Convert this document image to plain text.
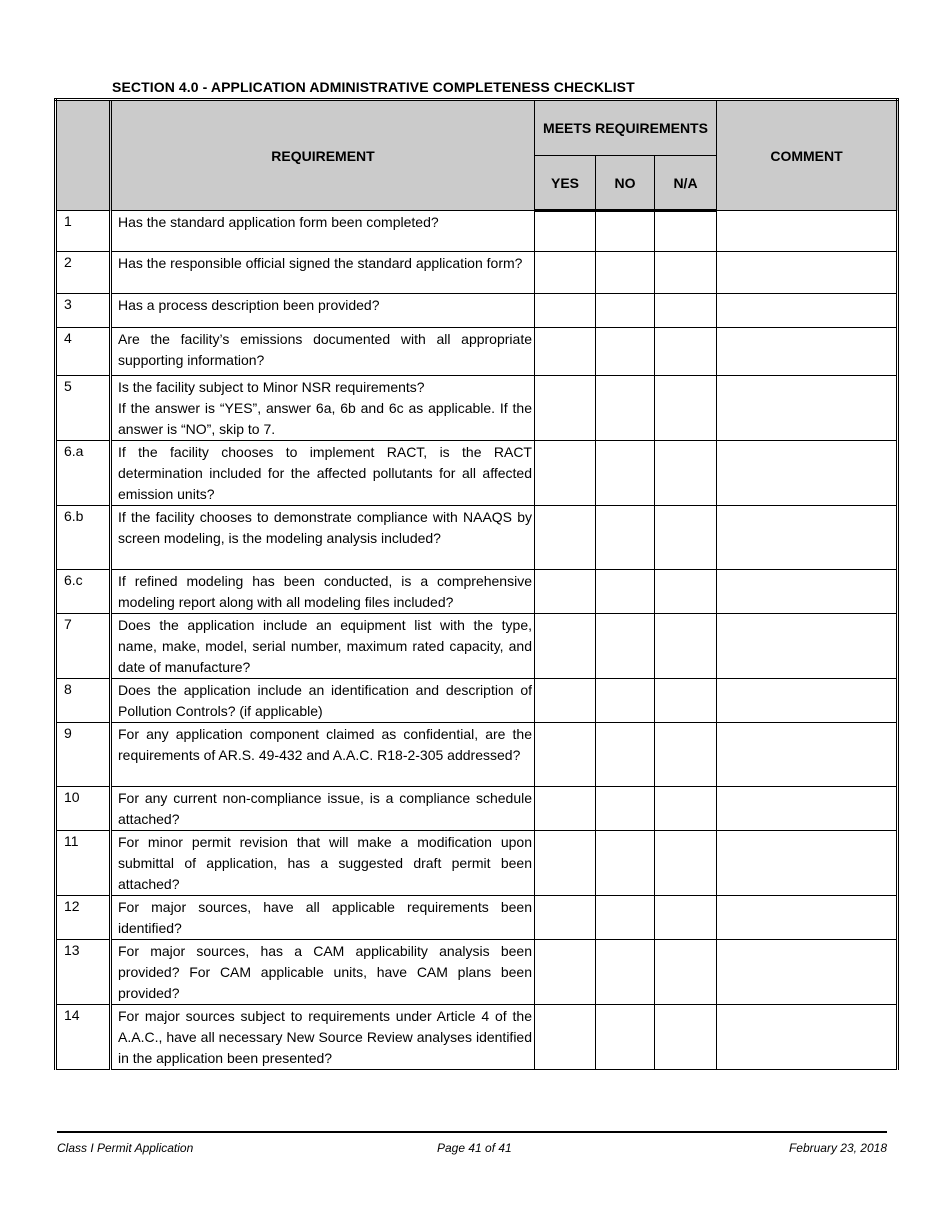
SECTION 4.0 - APPLICATION ADMINISTRATIVE COMPLETENESS CHECKLIST
	REQUIREMENT	MEETS REQUIREMENTS			COMMENT
		YES	NO	N/A	
1	Has the standard application form been completed?				
2	Has the responsible official signed the standard application form?				
3	Has a process description been provided?				
4	Are the facility’s emissions documented with all appropriate supporting information?				
5	Is the facility subject to Minor NSR requirements?
If the answer is “YES”, answer 6a, 6b and 6c as applicable. If the answer is “NO”, skip to 7.				

6.a	If the facility chooses to implement RACT, is the RACT determination included for the affected pollutants for all affected emission units?				
6.b	If the facility chooses to demonstrate compliance with NAAQS by screen modeling, is the modeling analysis included?				
6.c	If refined modeling has been conducted, is a comprehensive modeling report along with all modeling files included?				
7	Does the application include an equipment list with the type, name, make, model, serial number, maximum rated capacity, and date of manufacture?				
8	Does the application include an identification and description of Pollution Controls? (if applicable)				
9	For any application component claimed as confidential, are the requirements of AR.S. 49-432 and A.A.C. R18-2-305 addressed?				
10	For any current non-compliance issue, is a compliance schedule attached?				
11	For minor permit revision that will make a modification upon submittal of application, has a suggested draft permit been attached?				
12	For major sources, have all applicable requirements been identified?				
13	For major sources, has a CAM applicability analysis been provided? For CAM applicable units, have CAM plans been provided?				
14	For major sources subject to requirements under Article 4 of the A.A.C., have all necessary New Source Review analyses identified in the application been presented?				
Class I Permit Application	Page 41 of 41	February 23, 2018
